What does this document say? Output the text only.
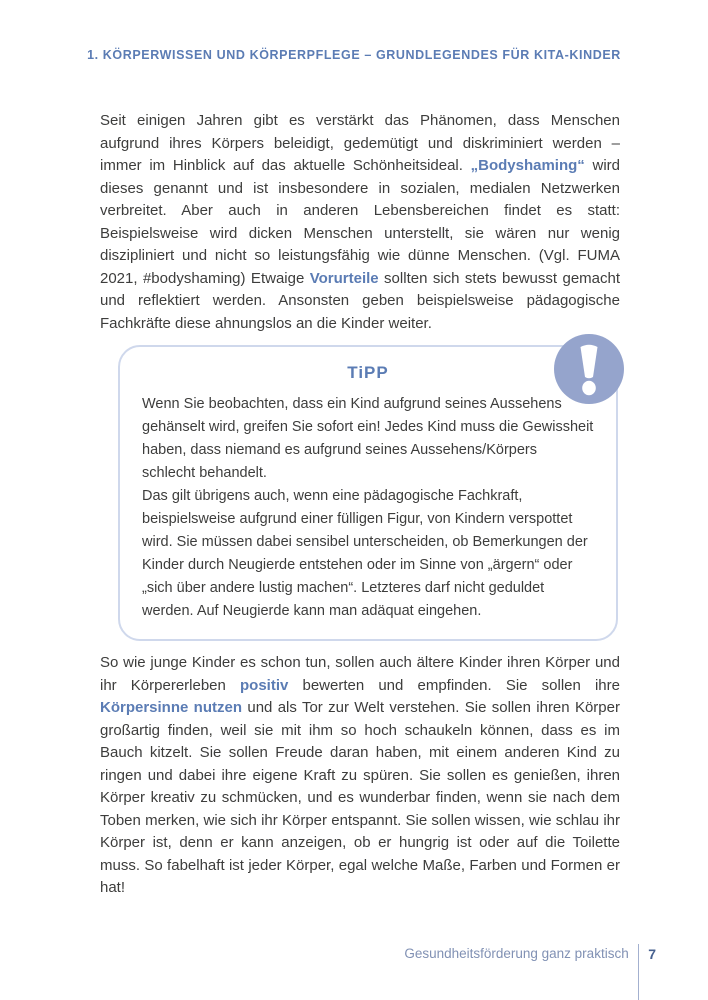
1. KÖRPERWISSEN UND KÖRPERPFLEGE – GRUNDLEGENDES FÜR KITA-KINDER

Seit einigen Jahren gibt es verstärkt das Phänomen, dass Menschen aufgrund ihres Körpers beleidigt, gedemütigt und diskriminiert werden – immer im Hinblick auf das aktuelle Schönheitsideal. „Bodyshaming“ wird dieses genannt und ist insbesondere in sozialen, medialen Netzwerken verbreitet. Aber auch in anderen Lebensbereichen findet es statt: Beispielsweise wird dicken Menschen unterstellt, sie wären nur wenig diszipliniert und nicht so leistungsfähig wie dünne Menschen. (Vgl. FUMA 2021, #bodyshaming) Etwaige Vorurteile sollten sich stets bewusst gemacht und reflektiert werden. Ansonsten geben beispielsweise pädagogische Fachkräfte diese ahnungslos an die Kinder weiter.

TiPP

Wenn Sie beobachten, dass ein Kind aufgrund seines Aussehens gehänselt wird, greifen Sie sofort ein! Jedes Kind muss die Gewissheit haben, dass niemand es aufgrund seines Aussehens/Körpers schlecht behandelt.

Das gilt übrigens auch, wenn eine pädagogische Fachkraft, beispielsweise aufgrund einer fülligen Figur, von Kindern verspottet wird. Sie müssen dabei sensibel unterscheiden, ob Bemerkungen der Kinder durch Neugierde entstehen oder im Sinne von „ärgern“ oder „sich über andere lustig machen“. Letzteres darf nicht geduldet werden. Auf Neugierde kann man adäquat eingehen.

So wie junge Kinder es schon tun, sollen auch ältere Kinder ihren Körper und ihr Körpererleben positiv bewerten und empfinden. Sie sollen ihre Körpersinne nutzen und als Tor zur Welt verstehen. Sie sollen ihren Körper großartig finden, weil sie mit ihm so hoch schaukeln können, dass es im Bauch kitzelt. Sie sollen Freude daran haben, mit einem anderen Kind zu ringen und dabei ihre eigene Kraft zu spüren. Sie sollen es genießen, ihren Körper kreativ zu schmücken, und es wunderbar finden, wenn sie nach dem Toben merken, wie sich ihr Körper entspannt. Sie sollen wissen, wie schlau ihr Körper ist, denn er kann anzeigen, ob er hungrig ist oder auf die Toilette muss. So fabelhaft ist jeder Körper, egal welche Maße, Farben und Formen er hat!

Gesundheitsförderung ganz praktisch	7
